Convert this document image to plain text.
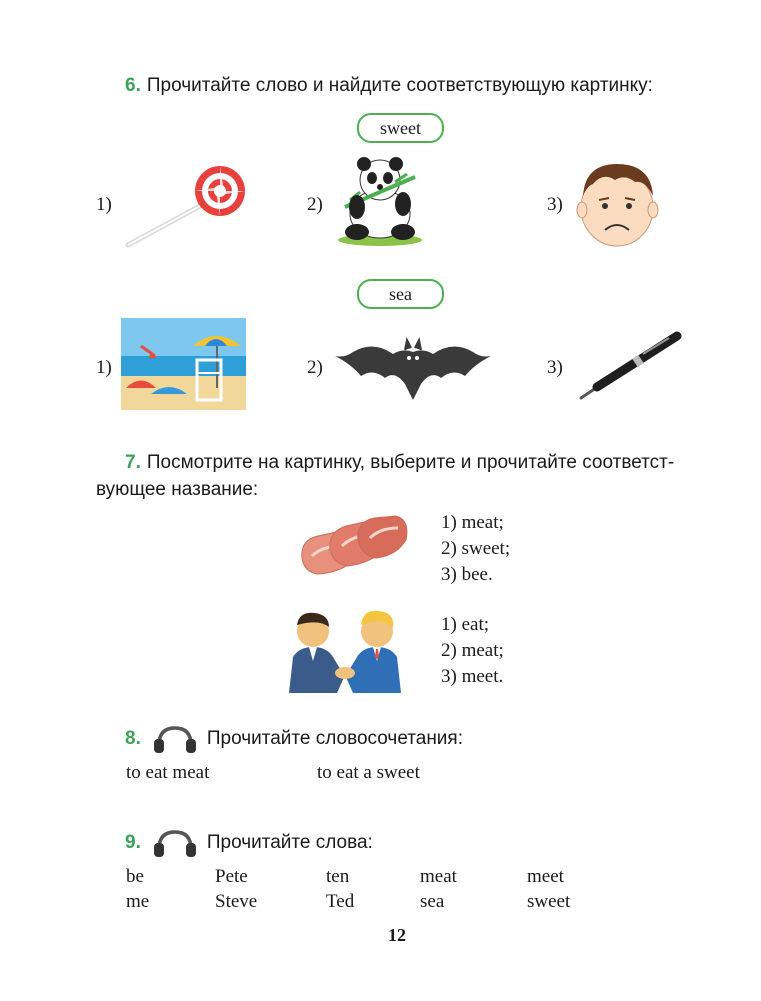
6. Прочитайте слово и найдите соответствующую картинку:
sweet
1)	2)	3)
sea
1)	2)	3)
7. Посмотрите на картинку, выберите и прочитайте соответст-
вующее название:
1) meat;
2) sweet;
3) bee.
1) eat;
2) meat;
3) meet.
8.	Прочитайте словосочетания:
to eat meat	to eat a sweet
9.	Прочитайте слова:
be	Pete	ten	meat	meet
me	Steve	Ted	sea	sweet
12
